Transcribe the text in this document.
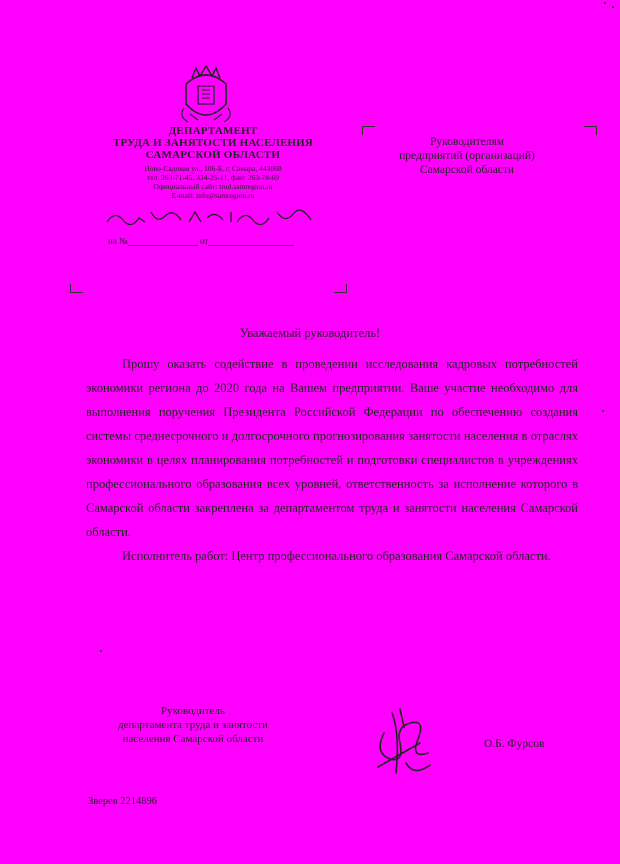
ДЕПАРТАМЕНТ
ТРУДА И ЗАНЯТОСТИ НАСЕЛЕНИЯ
САМАРСКОЙ ОБЛАСТИ
Ново-Садовая ул., 106-Б, г. Самара, 443068
тел. 263-71-45, 334-25-11, факс 263-78-69
Официальный сайт: trud.samregion.ru
E-mail: info@samregion.ru
на №	от
Руководителям
предприятий (организаций)
Самарской области
Уважаемый руководитель!

Прошу оказать содействие в проведении исследования кадровых потребностей экономики региона до 2020 года на Вашем предприятии. Ваше участие необходимо для выполнения поручения Президента Российской Федерации по обеспечению создания системы среднесрочного и долгосрочного прогнозирования занятости населения в отраслях экономики в целях планирования потребностей и подготовки специалистов в учреждениях профессионального образования всех уровней, ответственность за исполнение которого в Самарской области закреплена за департаментом труда и занятости населения Самарской области.

Исполнитель работ: Центр профессионального образования Самарской области.

Руководитель
департамента труда и занятости
населения Самарской области	О.Б. Фурсов
Зверев 2214896
